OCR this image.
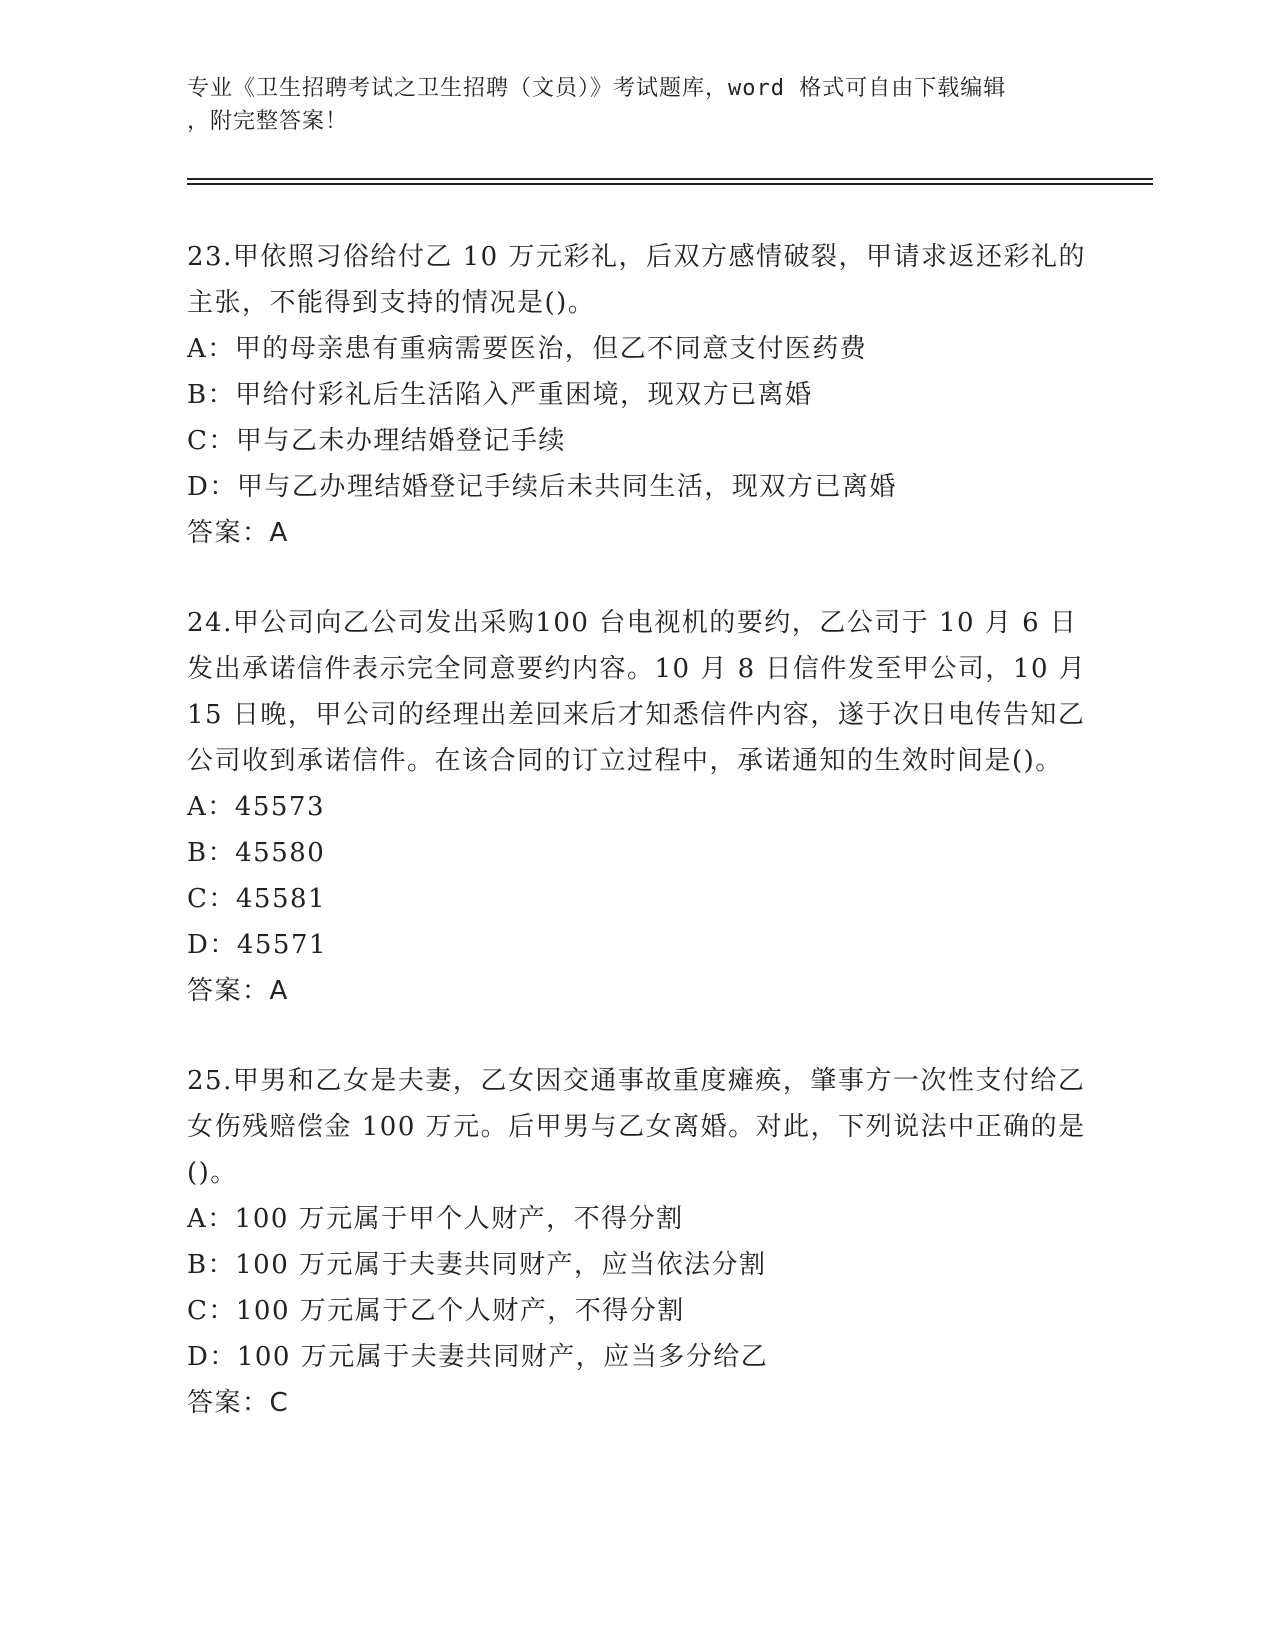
专业《卫生招聘考试之卫生招聘（文员）》考试题库，word 格式可自由下载编辑
，附完整答案！

23.甲依照习俗给付乙 10 万元彩礼，后双方感情破裂，甲请求返还彩礼的主张，不能得到支持的情况是()。

A：甲的母亲患有重病需要医治，但乙不同意支付医药费

B：甲给付彩礼后生活陷入严重困境，现双方已离婚

C：甲与乙未办理结婚登记手续

D：甲与乙办理结婚登记手续后未共同生活，现双方已离婚

答案：A

24.甲公司向乙公司发出采购100 台电视机的要约，乙公司于 10 月 6 日发出承诺信件表示完全同意要约内容。10 月 8 日信件发至甲公司，10 月 15 日晚，甲公司的经理出差回来后才知悉信件内容，遂于次日电传告知乙公司收到承诺信件。在该合同的订立过程中，承诺通知的生效时间是()。

A：45573

B：45580

C：45581

D：45571

答案：A

25.甲男和乙女是夫妻，乙女因交通事故重度瘫痪，肇事方一次性支付给乙女伤残赔偿金 100 万元。后甲男与乙女离婚。对此，下列说法中正确的是()。

A：100 万元属于甲个人财产，不得分割

B：100 万元属于夫妻共同财产，应当依法分割

C：100 万元属于乙个人财产，不得分割

D：100 万元属于夫妻共同财产，应当多分给乙

答案：C
